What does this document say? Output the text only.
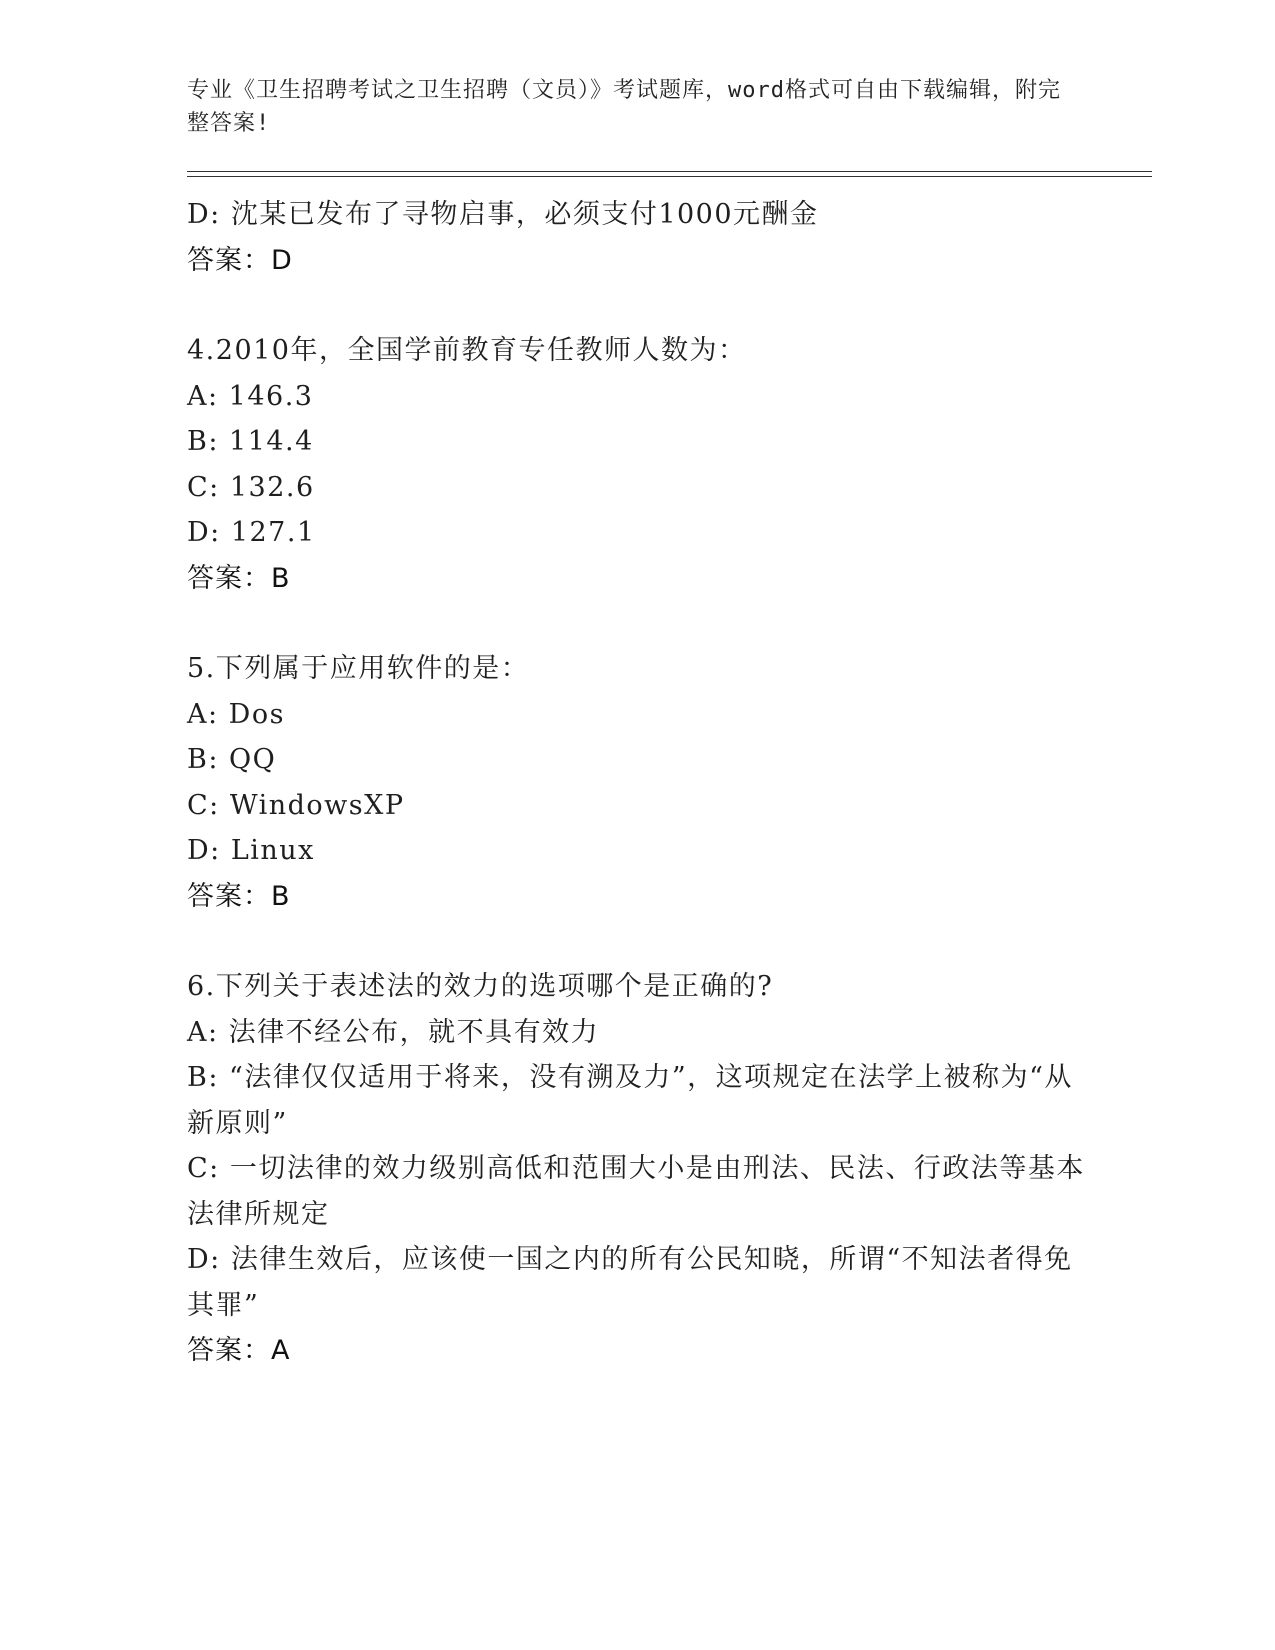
专业《卫生招聘考试之卫生招聘（文员）》考试题库，word格式可自由下载编辑，附完整答案!
D: 沈某已发布了寻物启事，必须支付1000元酬金
答案：D
4.2010年，全国学前教育专任教师人数为：
A: 146.3
B: 114.4
C: 132.6
D: 127.1
答案：B
5.下列属于应用软件的是：
A: Dos
B: QQ
C: WindowsXP
D: Linux
答案：B
6.下列关于表述法的效力的选项哪个是正确的?
A: 法律不经公布，就不具有效力
B: “法律仅仅适用于将来，没有溯及力”，这项规定在法学上被称为“从新原则”
C: 一切法律的效力级别高低和范围大小是由刑法、民法、行政法等基本法律所规定
D: 法律生效后，应该使一国之内的所有公民知晓，所谓“不知法者得免其罪”
答案：A
